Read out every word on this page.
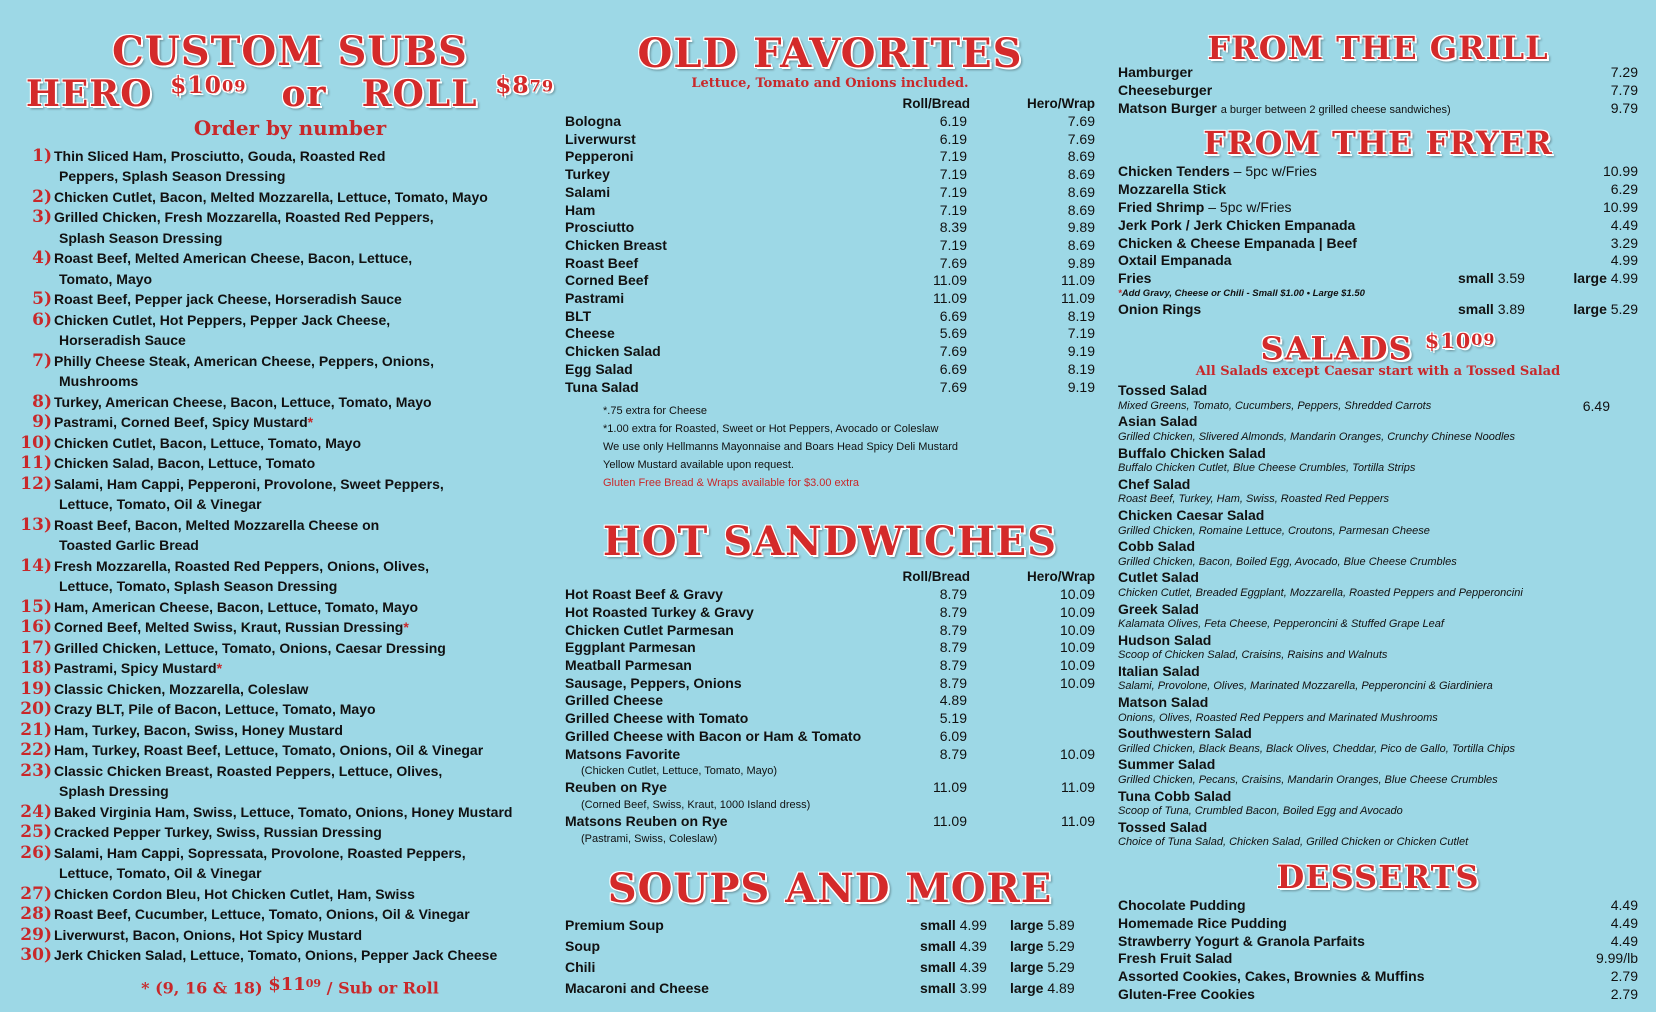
CUSTOM SUBS
HERO $^{\$1009}$ or ROLL $^{\$879}$
Order by number
1) Thin Sliced Ham, Prosciutto, Gouda, Roasted Red
Peppers, Splash Season Dressing
2) Chicken Cutlet, Bacon, Melted Mozzarella, Lettuce, Tomato, Mayo
3) Grilled Chicken, Fresh Mozzarella, Roasted Red Peppers,
Splash Season Dressing
4) Roast Beef, Melted American Cheese, Bacon, Lettuce,
Tomato, Mayo
5) Roast Beef, Pepper jack Cheese, Horseradish Sauce
6) Chicken Cutlet, Hot Peppers, Pepper Jack Cheese,
Horseradish Sauce
7) Philly Cheese Steak, American Cheese, Peppers, Onions,
Mushrooms
8) Turkey, American Cheese, Bacon, Lettuce, Tomato, Mayo
9) Pastrami, Corned Beef, Spicy Mustard*
10) Chicken Cutlet, Bacon, Lettuce, Tomato, Mayo
11) Chicken Salad, Bacon, Lettuce, Tomato
12) Salami, Ham Cappi, Pepperoni, Provolone, Sweet Peppers,
Lettuce, Tomato, Oil & Vinegar
13) Roast Beef, Bacon, Melted Mozzarella Cheese on
Toasted Garlic Bread
14) Fresh Mozzarella, Roasted Red Peppers, Onions, Olives,
Lettuce, Tomato, Splash Season Dressing
15) Ham, American Cheese, Bacon, Lettuce, Tomato, Mayo
16) Corned Beef, Melted Swiss, Kraut, Russian Dressing*
17) Grilled Chicken, Lettuce, Tomato, Onions, Caesar Dressing
18) Pastrami, Spicy Mustard*
19) Classic Chicken, Mozzarella, Coleslaw
20) Crazy BLT, Pile of Bacon, Lettuce, Tomato, Mayo
21) Ham, Turkey, Bacon, Swiss, Honey Mustard
22) Ham, Turkey, Roast Beef, Lettuce, Tomato, Onions, Oil & Vinegar
23) Classic Chicken Breast, Roasted Peppers, Lettuce, Olives,
Splash Dressing
24) Baked Virginia Ham, Swiss, Lettuce, Tomato, Onions, Honey Mustard
25) Cracked Pepper Turkey, Swiss, Russian Dressing
26) Salami, Ham Cappi, Sopressata, Provolone, Roasted Peppers,
Lettuce, Tomato, Oil & Vinegar
27) Chicken Cordon Bleu, Hot Chicken Cutlet, Ham, Swiss
28) Roast Beef, Cucumber, Lettuce, Tomato, Onions, Oil & Vinegar
29) Liverwurst, Bacon, Onions, Hot Spicy Mustard
30) Jerk Chicken Salad, Lettuce, Tomato, Onions, Pepper Jack Cheese
* (9, 16 & 18) $\$11^{09}$ / Sub or Roll
OLD FAVORITES
Lettuce, Tomato and Onions included.
Roll/Bread	Hero/Wrap
Bologna	6.19	7.69
Liverwurst	6.19	7.69
Pepperoni	7.19	8.69
Turkey	7.19	8.69
Salami	7.19	8.69
Ham	7.19	8.69
Prosciutto	8.39	9.89
Chicken Breast	7.19	8.69
Roast Beef	7.69	9.89
Corned Beef	11.09	11.09
Pastrami	11.09	11.09
BLT	6.69	8.19
Cheese	5.69	7.19
Chicken Salad	7.69	9.19
Egg Salad	6.69	8.19
Tuna Salad	7.69	9.19
*.75 extra for Cheese
*1.00 extra for Roasted, Sweet or Hot Peppers, Avocado or Coleslaw
We use only Hellmanns Mayonnaise and Boars Head Spicy Deli Mustard
Yellow Mustard available upon request.
Gluten Free Bread & Wraps available for $3.00 extra
HOT SANDWICHES
Roll/Bread	Hero/Wrap
Hot Roast Beef & Gravy	8.79	10.09
Hot Roasted Turkey & Gravy	8.79	10.09
Chicken Cutlet Parmesan	8.79	10.09
Eggplant Parmesan	8.79	10.09
Meatball Parmesan	8.79	10.09
Sausage, Peppers, Onions	8.79	10.09
Grilled Cheese	4.89
Grilled Cheese with Tomato	5.19
Grilled Cheese with Bacon or Ham & Tomato	6.09
Matsons Favorite	8.79	10.09
(Chicken Cutlet, Lettuce, Tomato, Mayo)
Reuben on Rye	11.09	11.09
(Corned Beef, Swiss, Kraut, 1000 Island dress)
Matsons Reuben on Rye	11.09	11.09
(Pastrami, Swiss, Coleslaw)
SOUPS AND MORE
Premium Soup	small 4.99	large 5.89
Soup	small 4.39	large 5.29
Chili	small 4.39	large 5.29
Macaroni and Cheese	small 3.99	large 4.89
FROM THE GRILL
Hamburger	7.29
Cheeseburger	7.79
Matson Burger a burger between 2 grilled cheese sandwiches)	9.79
FROM THE FRYER
Chicken Tenders – 5pc w/Fries	10.99
Mozzarella Stick	6.29
Fried Shrimp – 5pc w/Fries	10.99
Jerk Pork / Jerk Chicken Empanada	4.49
Chicken & Cheese Empanada | Beef	3.29
Oxtail Empanada	4.99
Fries	small 3.59	large 4.99
*Add Gravy, Cheese or Chili - Small $1.00 • Large $1.50
Onion Rings	small 3.89	large 5.29
SALADS $^{\$1009}$
All Salads except Caesar start with a Tossed Salad
Tossed Salad
Mixed Greens, Tomato, Cucumbers, Peppers, Shredded Carrots	6.49
Asian Salad
Grilled Chicken, Slivered Almonds, Mandarin Oranges, Crunchy Chinese Noodles
Buffalo Chicken Salad
Buffalo Chicken Cutlet, Blue Cheese Crumbles, Tortilla Strips
Chef Salad
Roast Beef, Turkey, Ham, Swiss, Roasted Red Peppers
Chicken Caesar Salad
Grilled Chicken, Romaine Lettuce, Croutons, Parmesan Cheese
Cobb Salad
Grilled Chicken, Bacon, Boiled Egg, Avocado, Blue Cheese Crumbles
Cutlet Salad
Chicken Cutlet, Breaded Eggplant, Mozzarella, Roasted Peppers and Pepperoncini
Greek Salad
Kalamata Olives, Feta Cheese, Pepperoncini & Stuffed Grape Leaf
Hudson Salad
Scoop of Chicken Salad, Craisins, Raisins and Walnuts
Italian Salad
Salami, Provolone, Olives, Marinated Mozzarella, Pepperoncini & Giardiniera
Matson Salad
Onions, Olives, Roasted Red Peppers and Marinated Mushrooms
Southwestern Salad
Grilled Chicken, Black Beans, Black Olives, Cheddar, Pico de Gallo, Tortilla Chips
Summer Salad
Grilled Chicken, Pecans, Craisins, Mandarin Oranges, Blue Cheese Crumbles
Tuna Cobb Salad
Scoop of Tuna, Crumbled Bacon, Boiled Egg and Avocado
Tossed Salad
Choice of Tuna Salad, Chicken Salad, Grilled Chicken or Chicken Cutlet
DESSERTS
Chocolate Pudding	4.49
Homemade Rice Pudding	4.49
Strawberry Yogurt & Granola Parfaits	4.49
Fresh Fruit Salad	9.99/lb
Assorted Cookies, Cakes, Brownies & Muffins	2.79
Gluten-Free Cookies	2.79
